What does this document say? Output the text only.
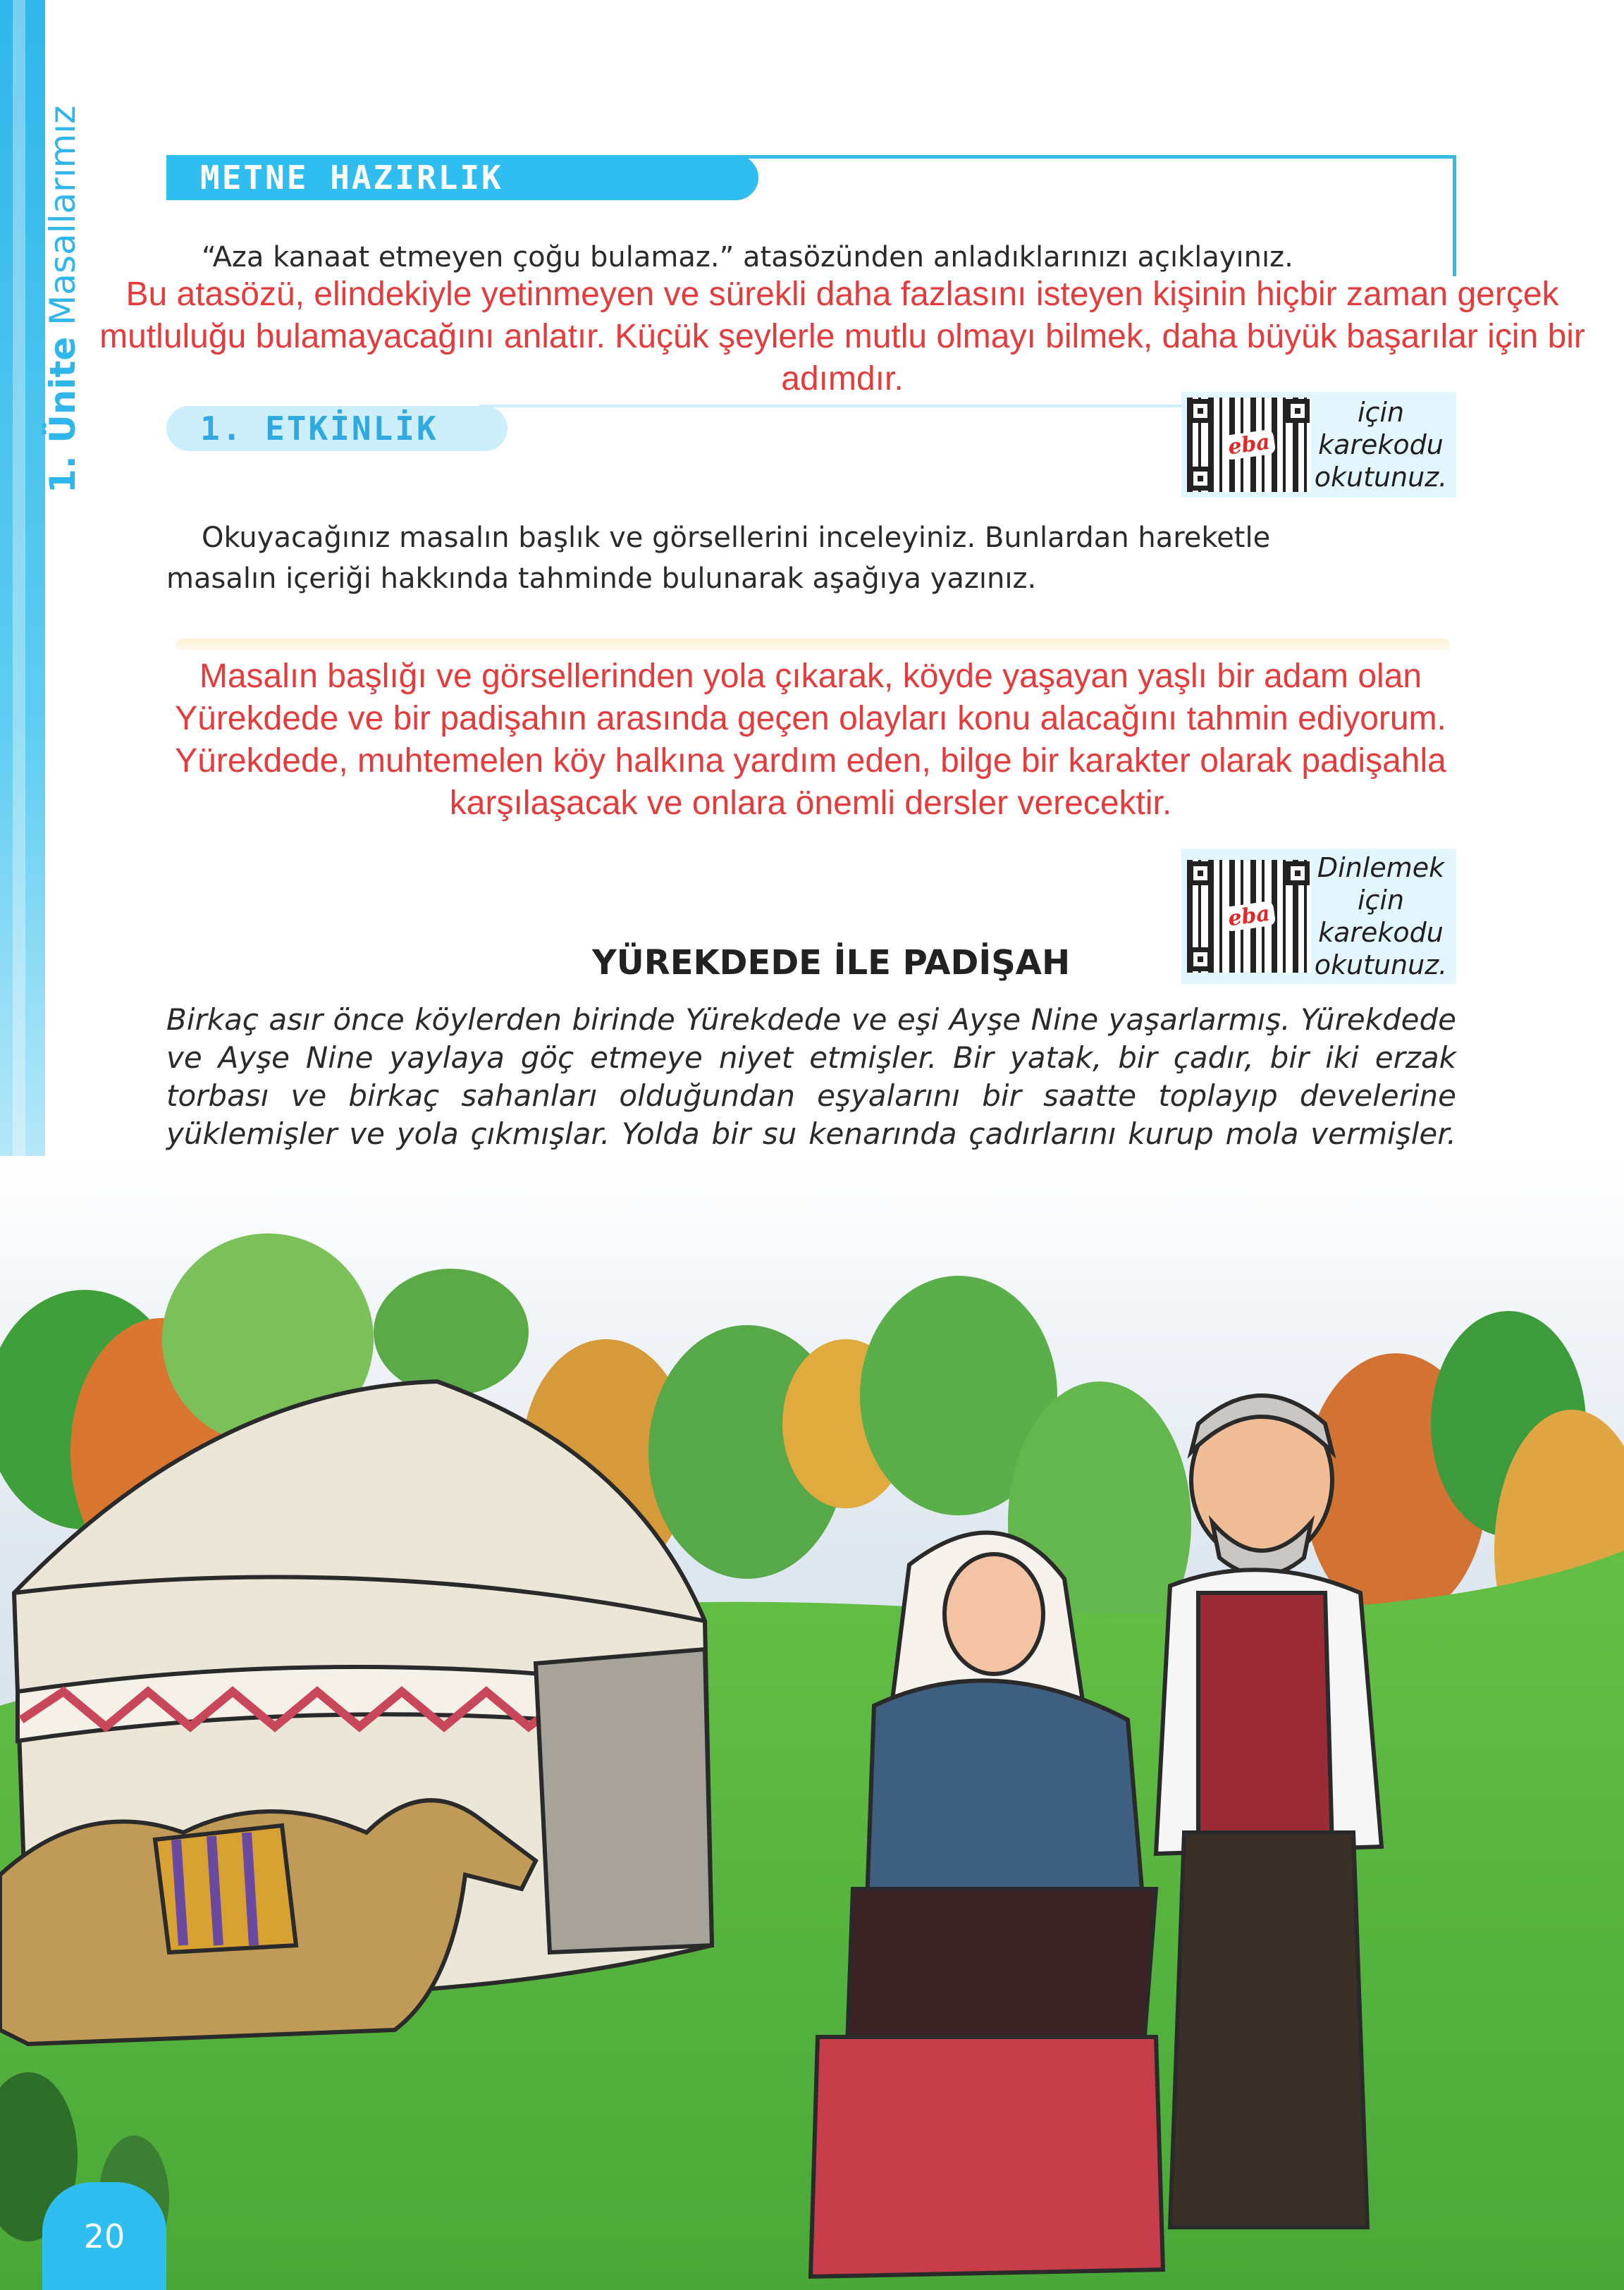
1. Ünite Masallarımız	METNE HAZIRLIK
“Aza kanaat etmeyen çoğu bulamaz.” atasözünden anladıklarınızı açıklayınız.
Bu atasözü, elindekiyle yetinmeyen ve sürekli daha fazlasını isteyen kişinin hiçbir zaman gerçek mutluluğu bulamayacağını anlatır. Küçük şeylerle mutlu olmayı bilmek, daha büyük başarılar için bir adımdır.
1. ETKİNLİK	eba
için
karekodu
okutunuz.
Okuyacağınız masalın başlık ve görsellerini inceleyiniz. Bunlardan hareketle
masalın içeriği hakkında tahminde bulunarak aşağıya yazınız.
Masalın başlığı ve görsellerinden yola çıkarak, köyde yaşayan yaşlı bir adam olan Yürekdede ve bir padişahın arasında geçen olayları konu alacağını tahmin ediyorum. Yürekdede, muhtemelen köy halkına yardım eden, bilge bir karakter olarak padişahla karşılaşacak ve onlara önemli dersler verecektir.
eba
Dinlemek
için
karekodu
okutunuz.
YÜREKDEDE İLE PADİŞAH
Birkaç asır önce köylerden birinde Yürekdede ve eşi Ayşe Nine yaşarlarmış. Yürekdede ve Ayşe Nine yaylaya göç etmeye niyet etmişler. Bir yatak, bir çadır, bir iki erzak torbası ve birkaç sahanları olduğundan eşyalarını bir saatte toplayıp develerine yüklemişler ve yola çıkmışlar. Yolda bir su kenarında çadırlarını kurup mola vermişler.
20
